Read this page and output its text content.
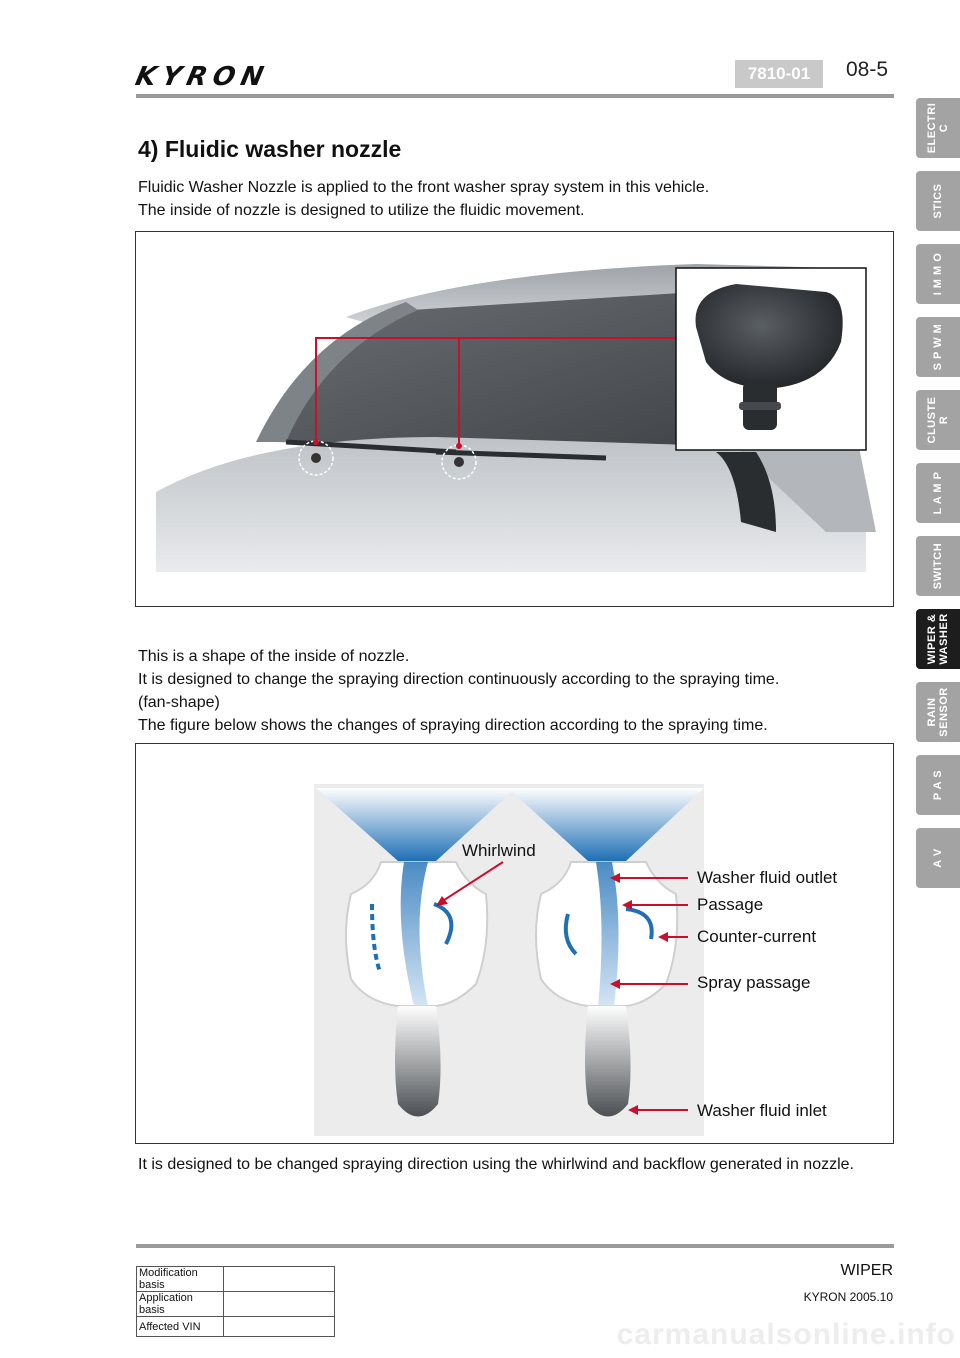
KYRON	7810-01	08-5
ELECTRI
C
STICS
I M M O
S P W M
CLUSTE
R
L A M P
SWITCH
WIPER &
WASHER
RAIN
SENSOR
P A S
A V
4) Fluidic washer nozzle

Fluidic Washer Nozzle is applied to the front washer spray system in this vehicle.

The inside of nozzle is designed to utilize the fluidic movement.

This is a shape of the inside of nozzle.

It is designed to change the spraying direction continuously according to the spraying time.

(fan-shape)

The figure below shows the changes of spraying direction according to the spraying time.

Whirlwind
Washer fluid outlet
Passage
Counter-current
Spray passage
Washer fluid inlet

It is designed to be changed spraying direction using the whirlwind and backflow generated in nozzle.

WIPER
KYRON 2005.10
Modification basis	
Application basis	
Affected VIN		carmanualsonline.info
